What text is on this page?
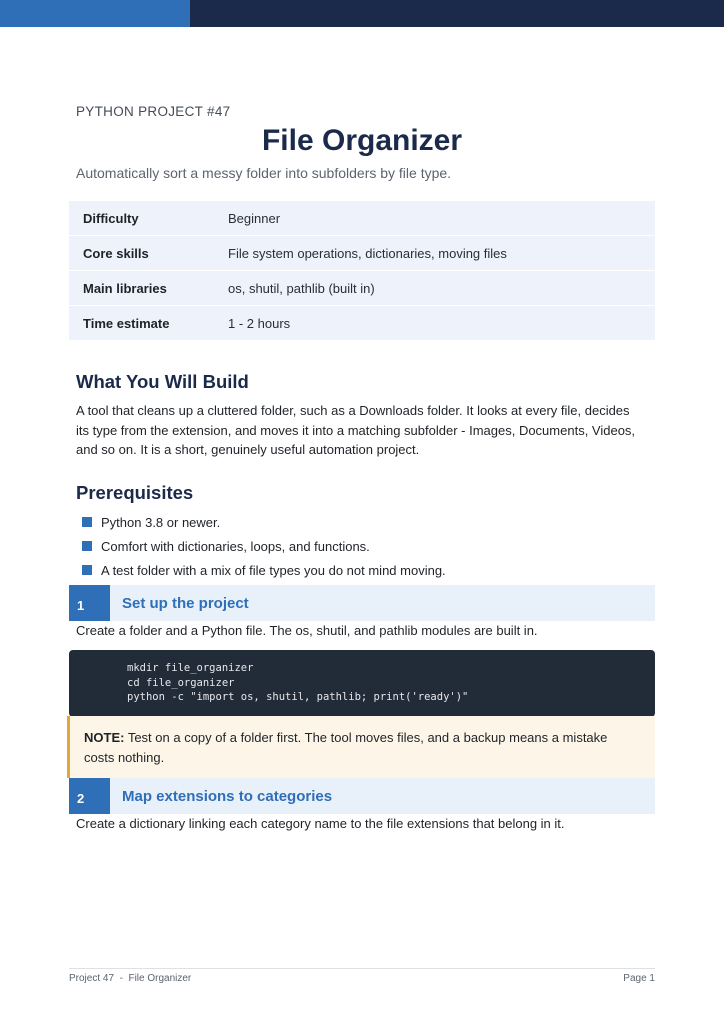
PYTHON PROJECT #47
File Organizer
Automatically sort a messy folder into subfolders by file type.
Difficulty	Beginner
Core skills	File system operations, dictionaries, moving files
Main libraries	os, shutil, pathlib (built in)
Time estimate	1 - 2 hours
What You Will Build

A tool that cleans up a cluttered folder, such as a Downloads folder. It looks at every file, decides its type from the extension, and moves it into a matching subfolder - Images, Documents, Videos, and so on. It is a short, genuinely useful automation project.

Prerequisites
Python 3.8 or newer.
Comfort with dictionaries, loops, and functions.
A test folder with a mix of file types you do not mind moving.
1	Set up the project

Create a folder and a Python file. The os, shutil, and pathlib modules are built in.

mkdir file_organizer
cd file_organizer
python -c "import os, shutil, pathlib; print('ready')"
NOTE: Test on a copy of a folder first. The tool moves files, and a backup means a mistake costs nothing.
2	Map extensions to categories

Create a dictionary linking each category name to the file extensions that belong in it.

Project 47  -  File Organizer	Page 1
